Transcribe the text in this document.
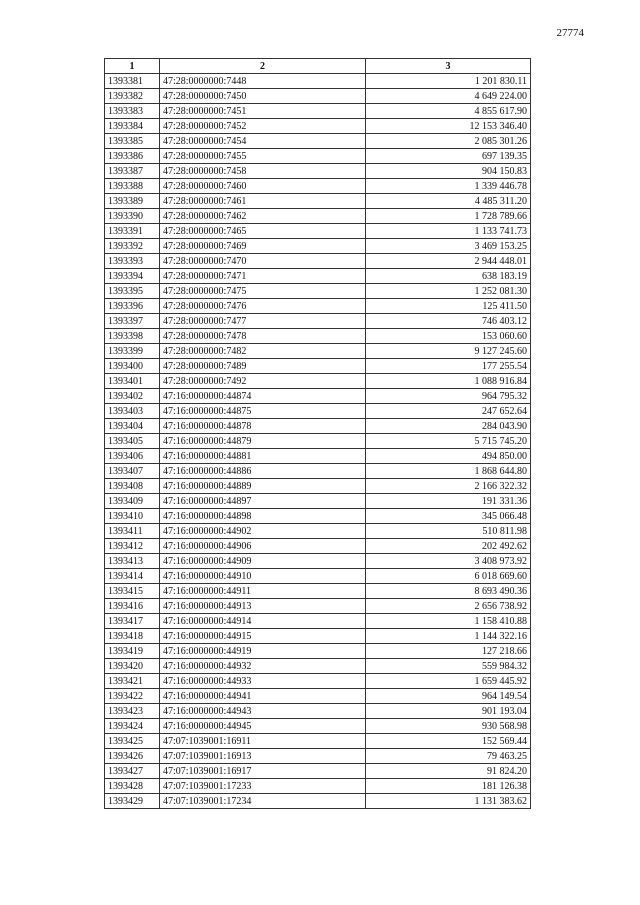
27774
1	2	3
1393381	47:28:0000000:7448	1 201 830.11
1393382	47:28:0000000:7450	4 649 224.00
1393383	47:28:0000000:7451	4 855 617.90
1393384	47:28:0000000:7452	12 153 346.40
1393385	47:28:0000000:7454	2 085 301.26
1393386	47:28:0000000:7455	697 139.35
1393387	47:28:0000000:7458	904 150.83
1393388	47:28:0000000:7460	1 339 446.78
1393389	47:28:0000000:7461	4 485 311.20
1393390	47:28:0000000:7462	1 728 789.66
1393391	47:28:0000000:7465	1 133 741.73
1393392	47:28:0000000:7469	3 469 153.25
1393393	47:28:0000000:7470	2 944 448.01
1393394	47:28:0000000:7471	638 183.19
1393395	47:28:0000000:7475	1 252 081.30
1393396	47:28:0000000:7476	125 411.50
1393397	47:28:0000000:7477	746 403.12
1393398	47:28:0000000:7478	153 060.60
1393399	47:28:0000000:7482	9 127 245.60
1393400	47:28:0000000:7489	177 255.54
1393401	47:28:0000000:7492	1 088 916.84
1393402	47:16:0000000:44874	964 795.32
1393403	47:16:0000000:44875	247 652.64
1393404	47:16:0000000:44878	284 043.90
1393405	47:16:0000000:44879	5 715 745.20
1393406	47:16:0000000:44881	494 850.00
1393407	47:16:0000000:44886	1 868 644.80
1393408	47:16:0000000:44889	2 166 322.32
1393409	47:16:0000000:44897	191 331.36
1393410	47:16:0000000:44898	345 066.48
1393411	47:16:0000000:44902	510 811.98
1393412	47:16:0000000:44906	202 492.62
1393413	47:16:0000000:44909	3 408 973.92
1393414	47:16:0000000:44910	6 018 669.60
1393415	47:16:0000000:44911	8 693 490.36
1393416	47:16:0000000:44913	2 656 738.92
1393417	47:16:0000000:44914	1 158 410.88
1393418	47:16:0000000:44915	1 144 322.16
1393419	47:16:0000000:44919	127 218.66
1393420	47:16:0000000:44932	559 984.32
1393421	47:16:0000000:44933	1 659 445.92
1393422	47:16:0000000:44941	964 149.54
1393423	47:16:0000000:44943	901 193.04
1393424	47:16:0000000:44945	930 568.98
1393425	47:07:1039001:16911	152 569.44
1393426	47:07:1039001:16913	79 463.25
1393427	47:07:1039001:16917	91 824.20
1393428	47:07:1039001:17233	181 126.38
1393429	47:07:1039001:17234	1 131 383.62
